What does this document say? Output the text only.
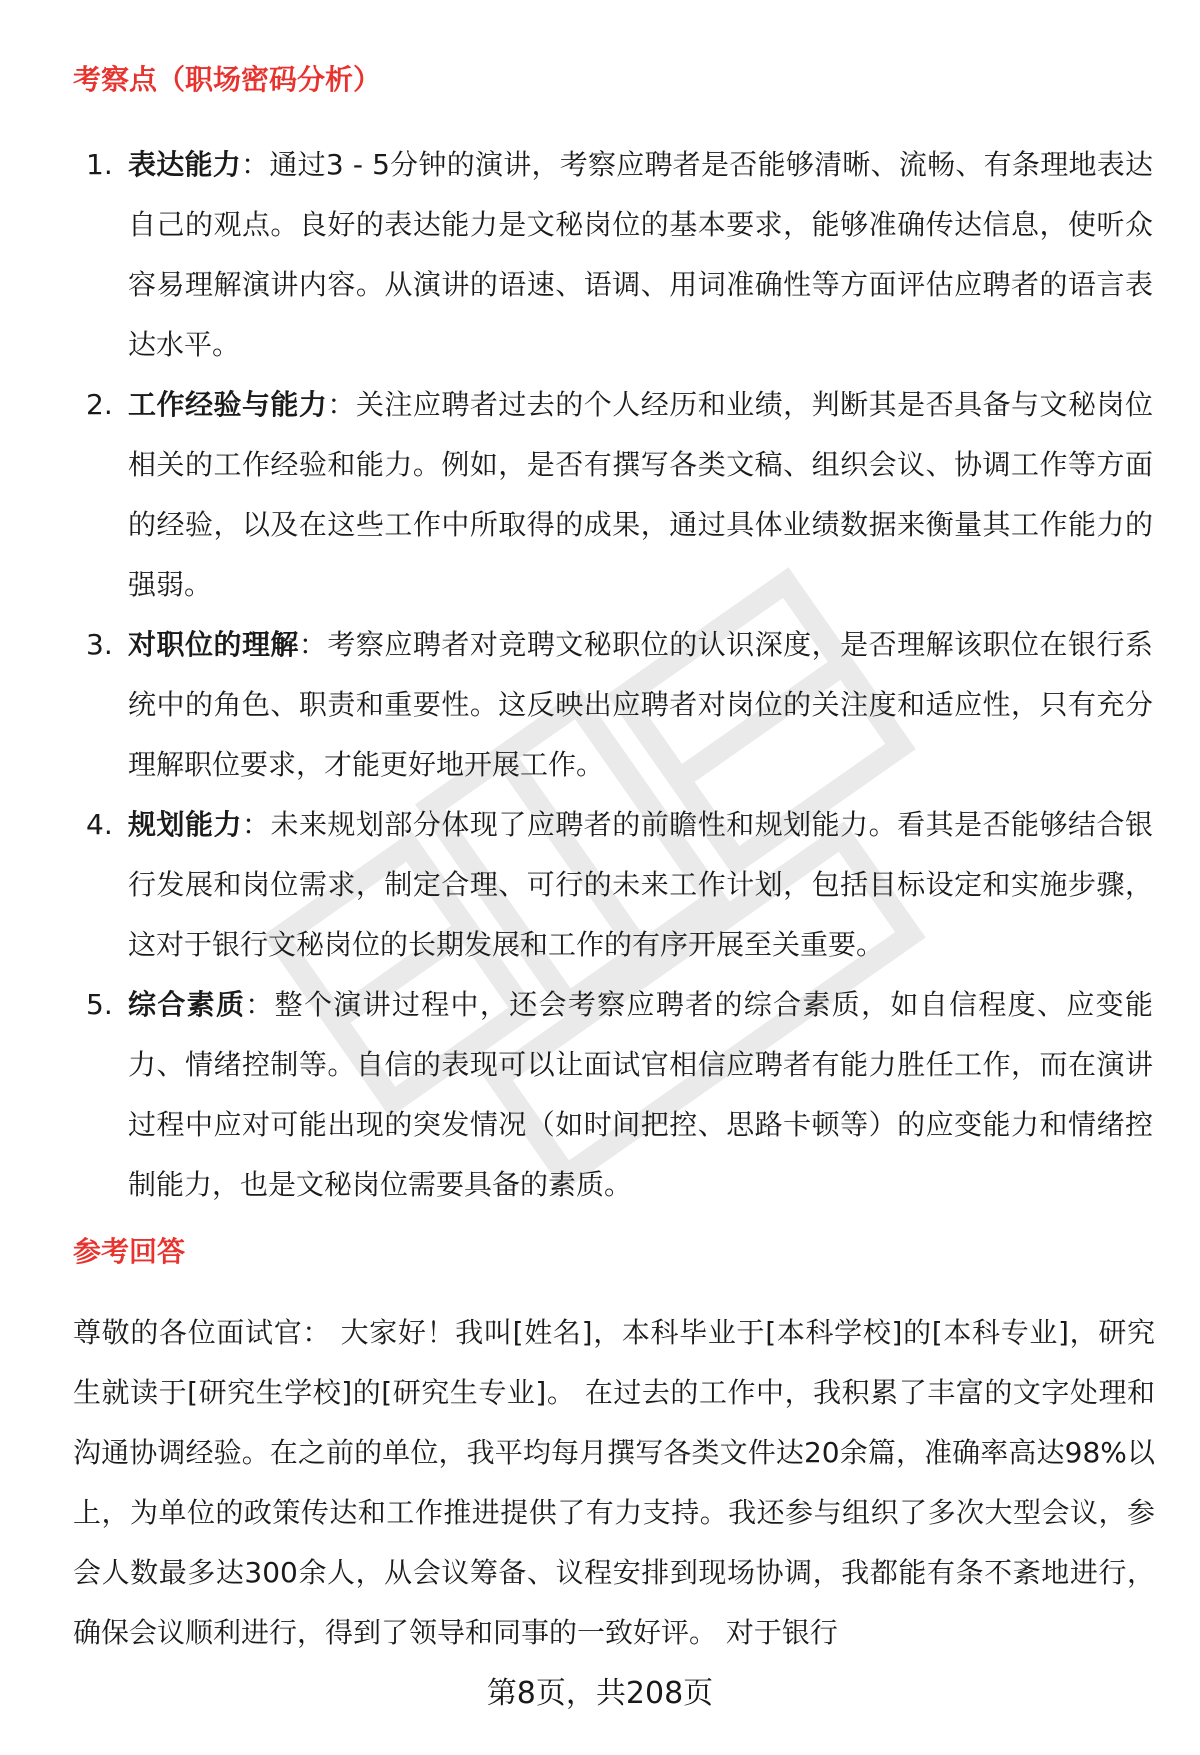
考察点（职场密码分析）
1. 表达能力：通过3 - 5分钟的演讲，考察应聘者是否能够清晰、流畅、有条理地表达自己的观点。良好的表达能力是文秘岗位的基本要求，能够准确传达信息，使听众容易理解演讲内容。从演讲的语速、语调、用词准确性等方面评估应聘者的语言表达水平。
2. 工作经验与能力：关注应聘者过去的个人经历和业绩，判断其是否具备与文秘岗位相关的工作经验和能力。例如，是否有撰写各类文稿、组织会议、协调工作等方面的经验，以及在这些工作中所取得的成果，通过具体业绩数据来衡量其工作能力的强弱。
3. 对职位的理解：考察应聘者对竞聘文秘职位的认识深度，是否理解该职位在银行系统中的角色、职责和重要性。这反映出应聘者对岗位的关注度和适应性，只有充分理解职位要求，才能更好地开展工作。
4. 规划能力：未来规划部分体现了应聘者的前瞻性和规划能力。看其是否能够结合银行发展和岗位需求，制定合理、可行的未来工作计划，包括目标设定和实施步骤，这对于银行文秘岗位的长期发展和工作的有序开展至关重要。
5. 综合素质：整个演讲过程中，还会考察应聘者的综合素质，如自信程度、应变能力、情绪控制等。自信的表现可以让面试官相信应聘者有能力胜任工作，而在演讲过程中应对可能出现的突发情况（如时间把控、思路卡顿等）的应变能力和情绪控制能力，也是文秘岗位需要具备的素质。
参考回答

尊敬的各位面试官： 大家好！我叫[姓名]，本科毕业于[本科学校]的[本科专业]，研究生就读于[研究生学校]的[研究生专业]。 在过去的工作中，我积累了丰富的文字处理和沟通协调经验。在之前的单位，我平均每月撰写各类文件达20余篇，准确率高达98%以上，为单位的政策传达和工作推进提供了有力支持。我还参与组织了多次大型会议，参会人数最多达300余人，从会议筹备、议程安排到现场协调，我都能有条不紊地进行，确保会议顺利进行，得到了领导和同事的一致好评。 对于银行

第8页，共208页
